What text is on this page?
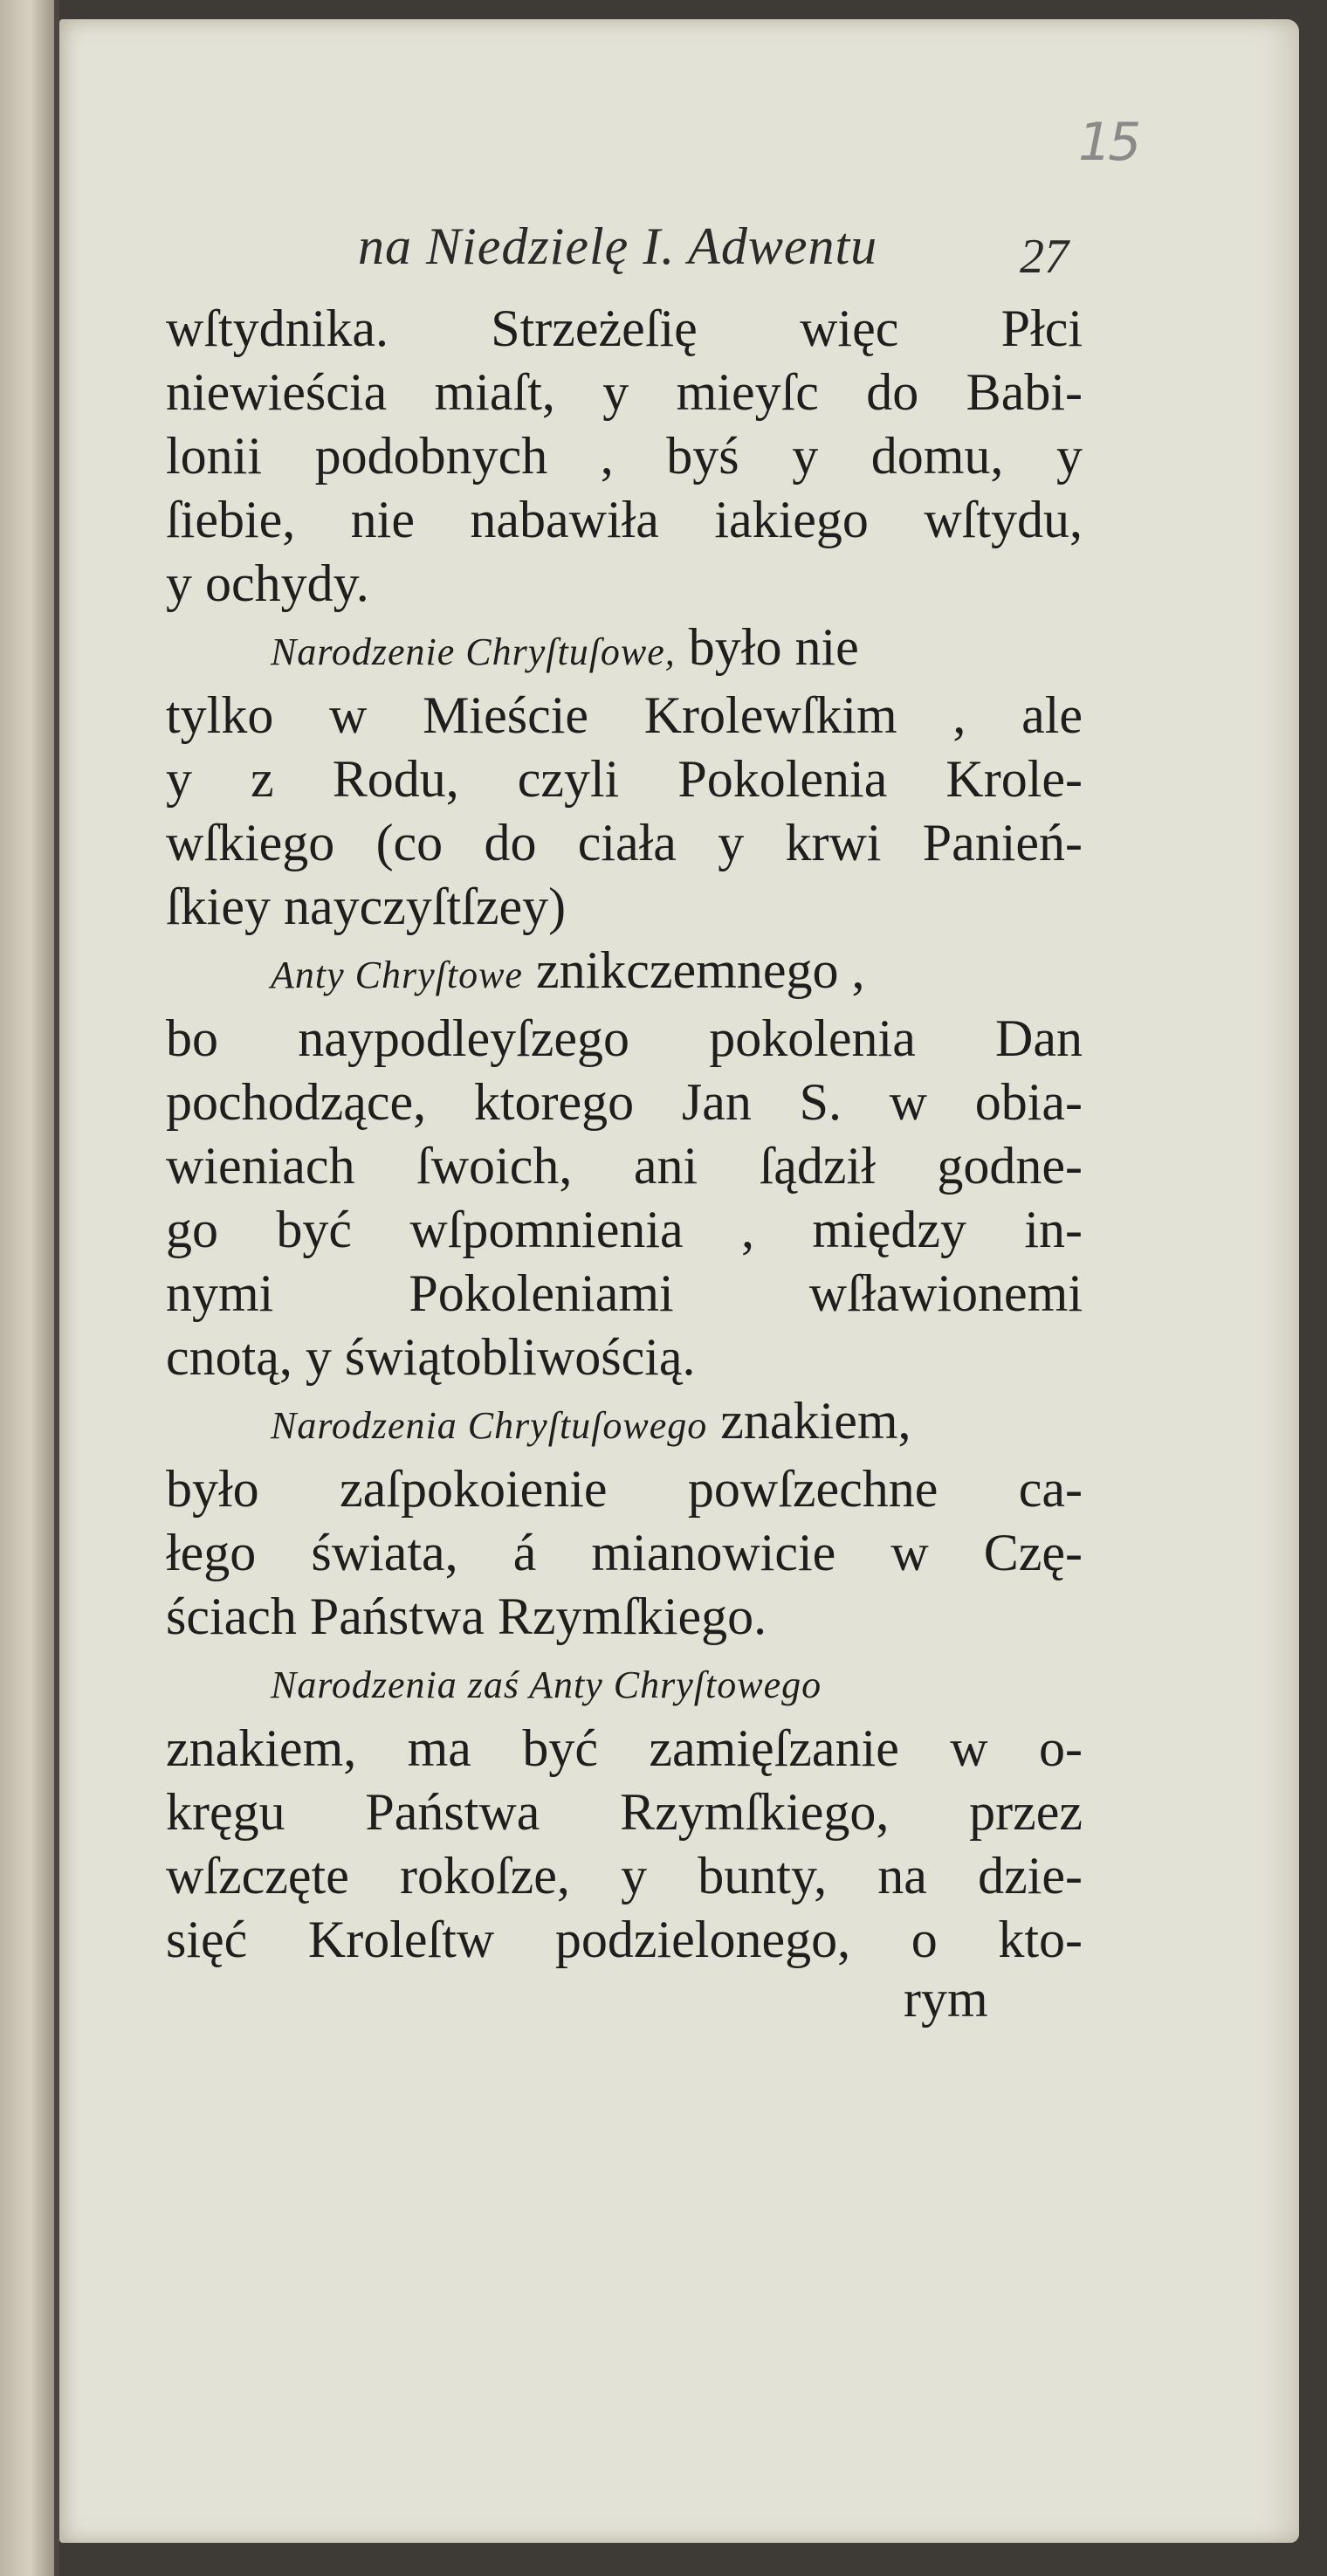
15
na Niedzielę I. Adwentu	27
wſtydnika. Strzeżeſię więc Płci
niewieścia miaſt, y mieyſc do Babi-
lonii podobnych , byś y domu, y
ſiebie, nie nabawiła iakiego wſtydu,
y ochydy.
Narodzenie Chryſtuſowe, było nie
tylko w Mieście Krolewſkim , ale
y z Rodu, czyli Pokolenia Krole-
wſkiego (co do ciała y krwi Panień-
ſkiey nayczyſtſzey)
Anty Chryſtowe znikczemnego ,
bo naypodleyſzego pokolenia Dan
pochodzące, ktorego Jan S. w obia-
wieniach ſwoich, ani ſądził godne-
go być wſpomnienia , między in-
nymi Pokoleniami wſławionemi
cnotą, y świątobliwością.
Narodzenia Chryſtuſowego znakiem,
było zaſpokoienie powſzechne ca-
łego świata, á mianowicie w Czę-
ściach Państwa Rzymſkiego.
Narodzenia zaś Anty Chryſtowego
znakiem, ma być zamięſzanie w o-
kręgu Państwa Rzymſkiego, przez
wſzczęte rokoſze, y bunty, na dzie-
sięć Kroleſtw podzielonego, o kto-
rym
